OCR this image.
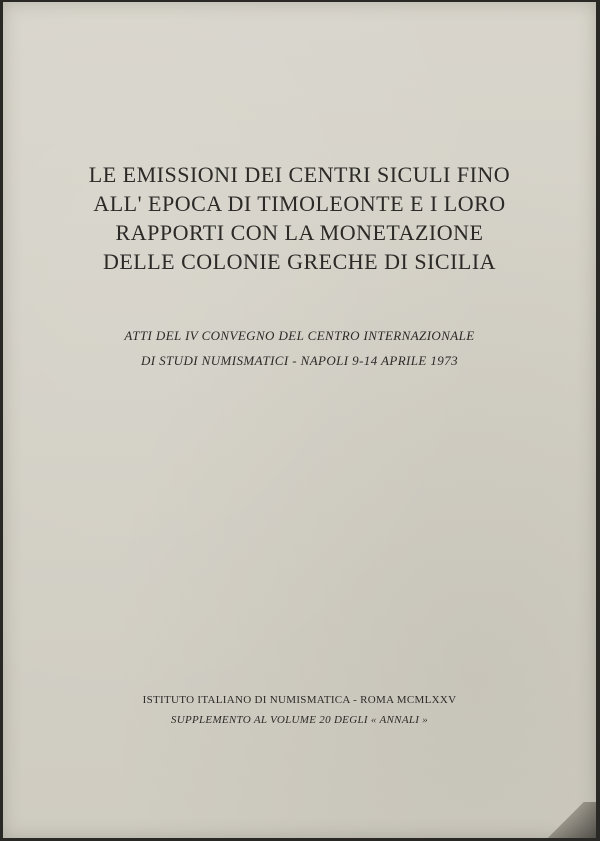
LE EMISSIONI DEI CENTRI SICULI FINO
ALL' EPOCA DI TIMOLEONTE E I LORO
RAPPORTI CON LA MONETAZIONE
DELLE COLONIE GRECHE DI SICILIA
ATTI DEL IV CONVEGNO DEL CENTRO INTERNAZIONALE
DI STUDI NUMISMATICI - NAPOLI 9-14 APRILE 1973
ISTITUTO ITALIANO DI NUMISMATICA - ROMA MCMLXXV
SUPPLEMENTO AL VOLUME 20 DEGLI « ANNALI »
